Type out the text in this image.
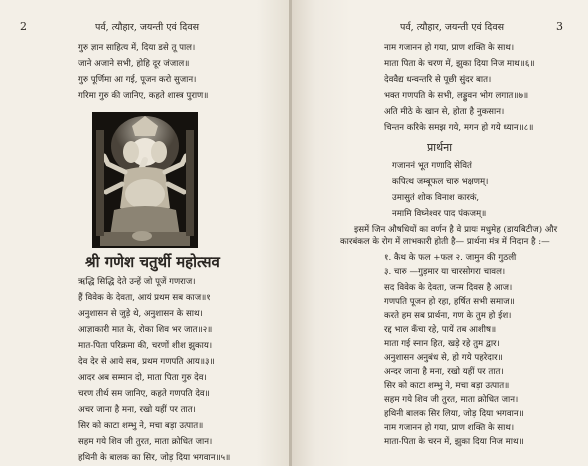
2	पर्व, त्यौहार, जयन्ती एवं दिवस
गुरु ज्ञान साहित्य में, दिया डसे तू पाल।
जाने अजाने सभी, होहि दूर जंजाल॥
गुरु पूर्णिमा आ गई, पूजन करो सुजान।
गरिमा गुरु की जानिए, कहते शास्त्र पुराण॥
श्री गणेश चतुर्थी महोत्सव
ऋद्धि सिद्धि देते उन्हें जो पूजें गणराज।
हैं विवेक के देवता, आयं प्रथम सब काज॥१
अनुशासन से जुड़े थे, अनुशासन के साथ।
आज्ञाकारी मात के, रोका शिव भर जात॥२॥
मात-पिता परिक्रमा की, चरणों शीश झुकाय।
देव देर से आये सब, प्रथम गणपति आय॥३॥
आदर अब सम्मान दो, माता पिता गुरु देव।
चरण तीर्थ सम जानिए, कहते गणपति देव॥
अचर जाना है मना, रखो यहीं पर तात।
सिर को काटा शम्भु ने, मचा बड़ा उत्पात॥
सहम गये शिव जी तुरत, माता क्रोधित जान।
हथिनी के बालक का सिर, जोड़ दिया भगवान॥५॥
पर्व, त्यौहार, जयन्ती एवं दिवस	3
नाम गजानन हो गया, प्राण शक्ति के साथ।
माता पिता के चरण में, झुका दिया निज माथ॥६॥
देववैद्य धन्वन्तरि से पूछी सुंदर बात।
भक्त गणपति के सभी, लड्डुवन भोग लगात॥७॥
अति मीठे के खान से, होता है नुकसान।
चिन्तन करिके समझ गये, मगन हो गये ध्यान॥८॥
प्रार्थना
गजाननं भूत गणादि सेवितं
कपित्थ जम्बूफल चारु भक्षणम्।
उमासुतं शोक विनाश कारकं,
नमामि विघ्नेश्वर पाद पंकजम्॥
इसमें जिन औषधियों का वर्णन है वे प्रायः मधुमेह (डायबिटीज) और
कारबंकल के रोग में लाभकारी होती है— प्रार्थना मंत्र में निदान है :—
१. कैथ के फल +फल २. जामुन की गुठली
३. चारु —गुड़मार या चारसोगरा चावल।
सद विवेक के देवता, जन्म दिवस है आज।
गणपति पूजन हो रहा, हर्षित सभी समाज॥
करते हम सब प्रार्थना, गण के तुम हो ईश।
रद्द भाल कँचा रहे, पायें तब आशीष॥
माता गई स्नान हित, खड़े रहे तुम द्वार।
अनुशासन अनुबंध से, हो गये पहरेदार॥
अन्दर जाना है मना, रखो यहीं पर तात।
सिर को काटा शम्भु ने, मचा बड़ा उत्पात॥
सहम गये शिव जी तुरत, माता क्रोधित जान।
हथिनी बालक सिर लिया, जोड़ दिया भगवान॥
नाम गजानन हो गया, प्राण शक्ति के साथ।
माता-पिता के चरन में, झुका दिया निज माथ॥
